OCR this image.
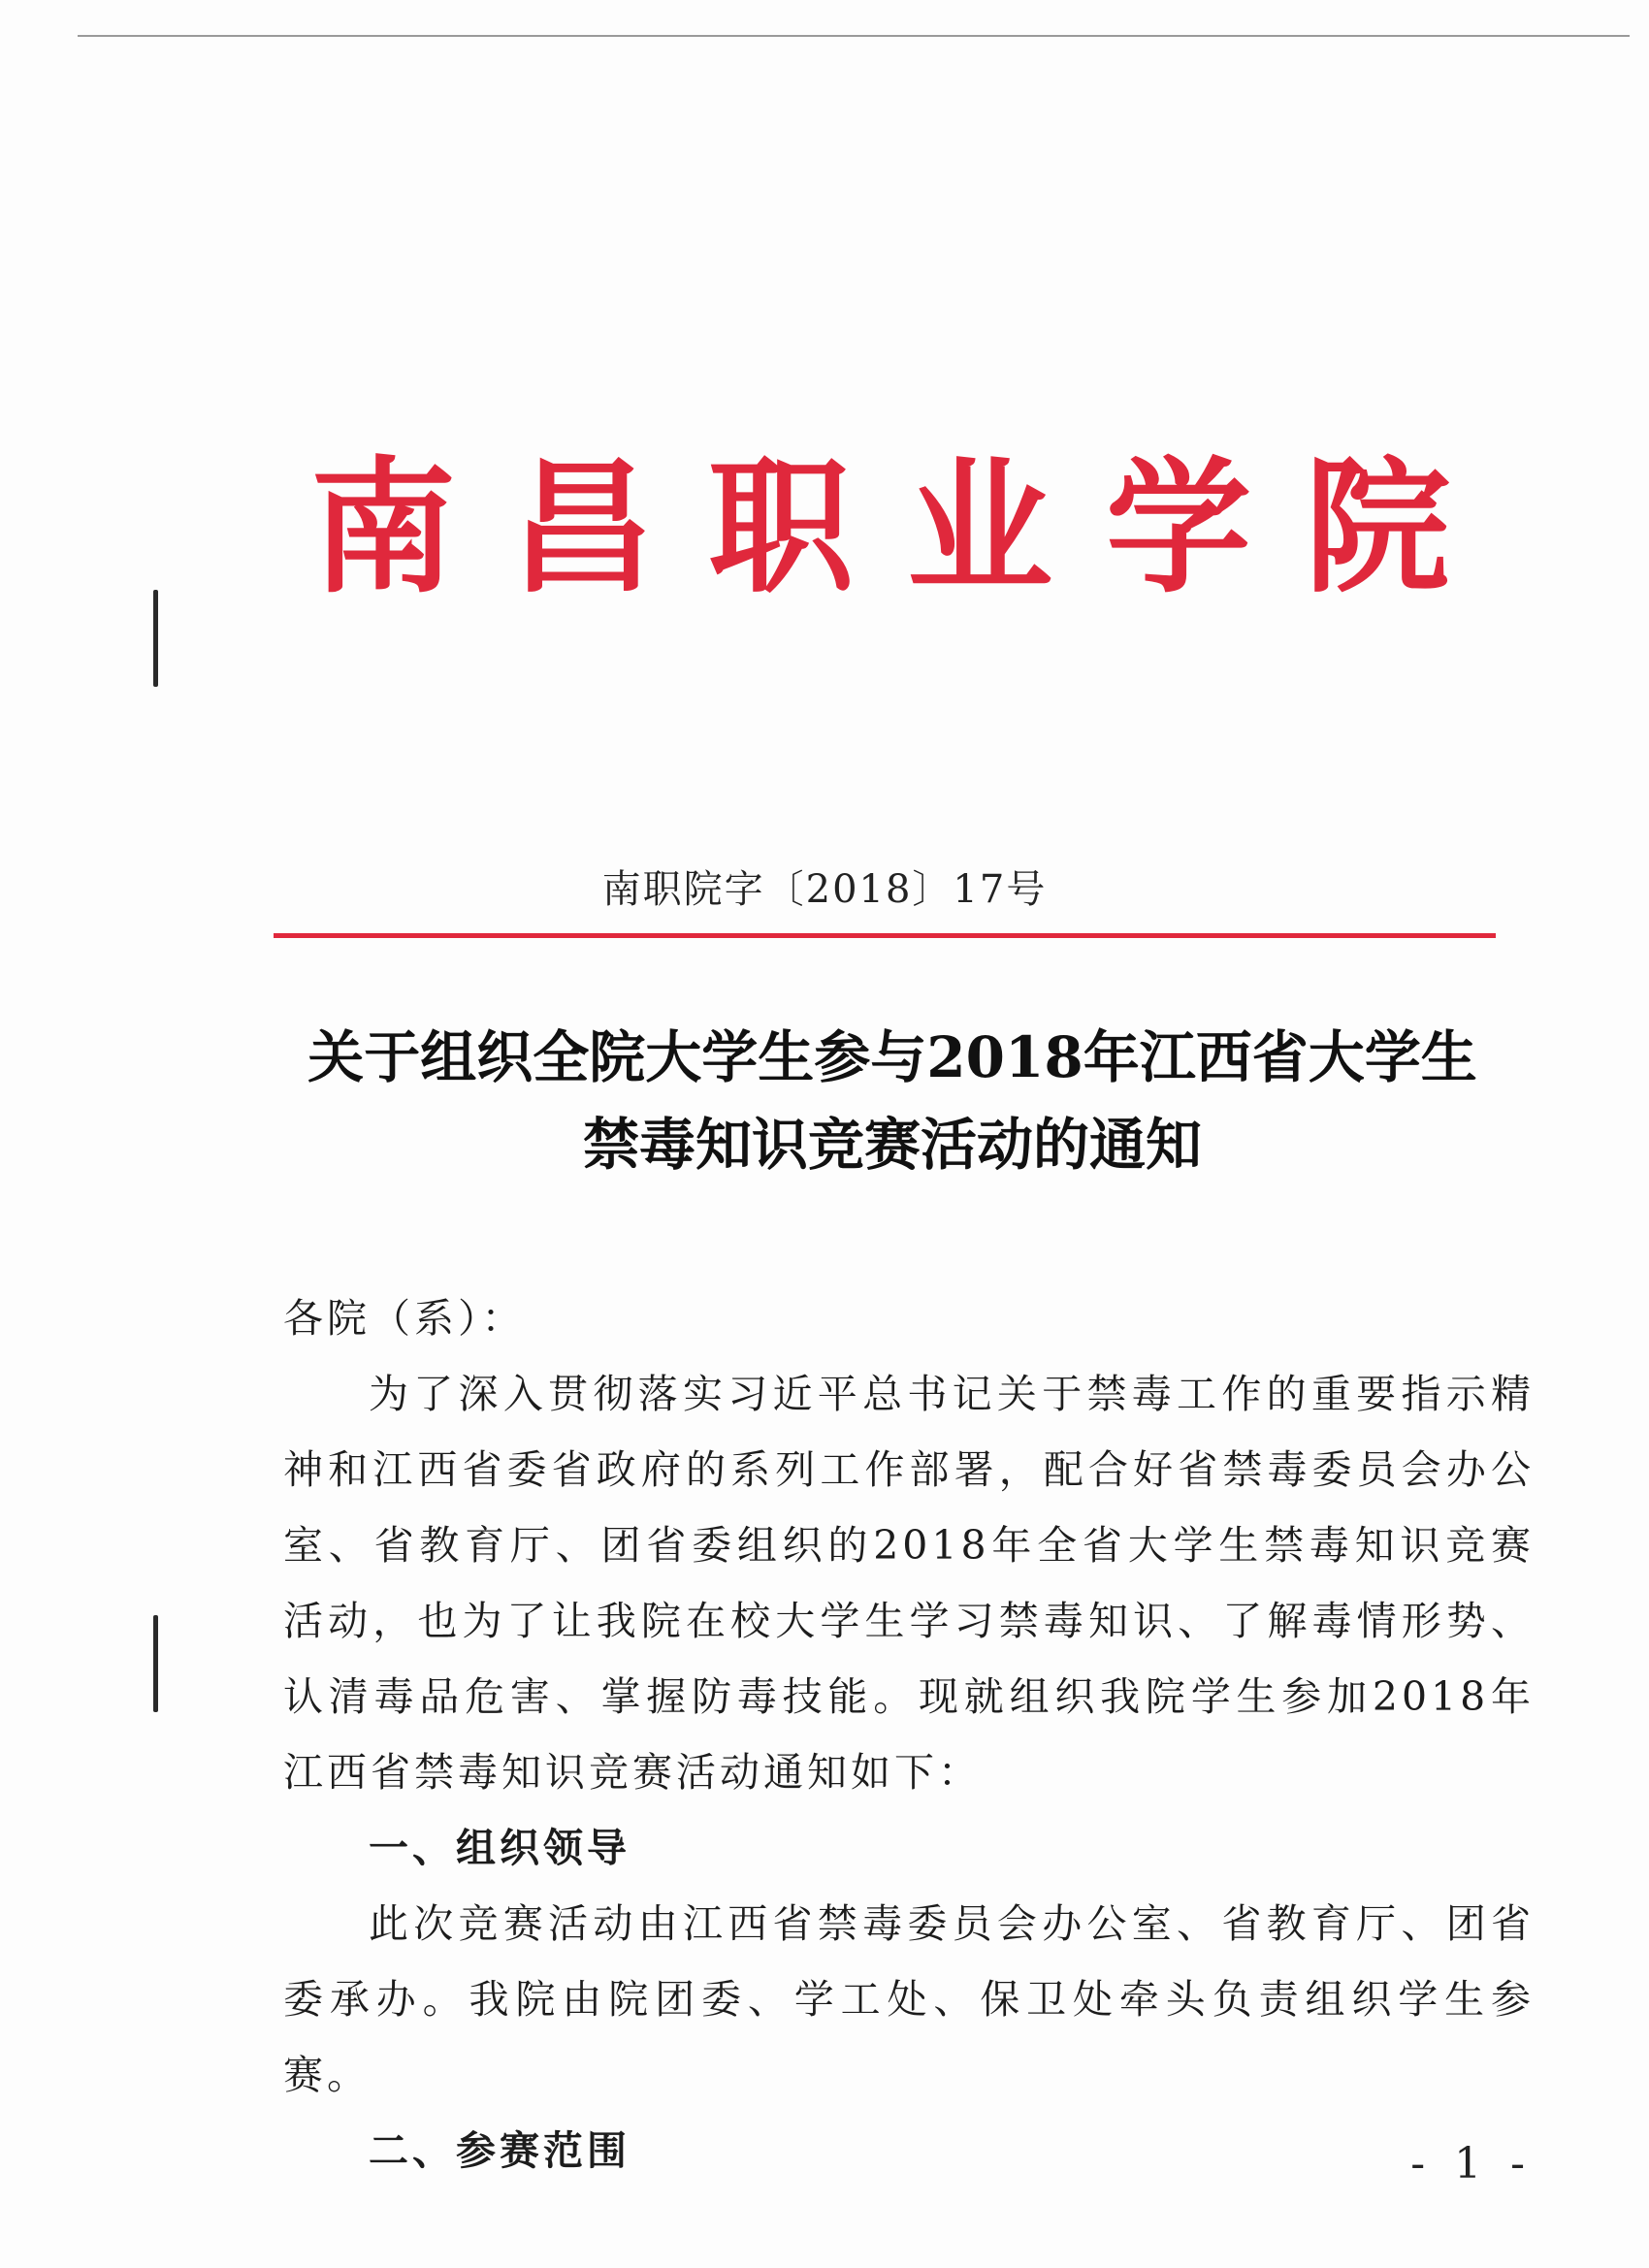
南昌职业学院
南职院字〔2018〕17号
关于组织全院大学生参与2018年江西省大学生
禁毒知识竞赛活动的通知

各院（系）：

为了深入贯彻落实习近平总书记关于禁毒工作的重要指示精神和江西省委省政府的系列工作部署，配合好省禁毒委员会办公室、省教育厅、团省委组织的2018年全省大学生禁毒知识竞赛活动，也为了让我院在校大学生学习禁毒知识、了解毒情形势、认清毒品危害、掌握防毒技能。现就组织我院学生参加2018年江西省禁毒知识竞赛活动通知如下：

一、组织领导

此次竞赛活动由江西省禁毒委员会办公室、省教育厅、团省委承办。我院由院团委、学工处、保卫处牵头负责组织学生参赛。

二、参赛范围	- 1 -
